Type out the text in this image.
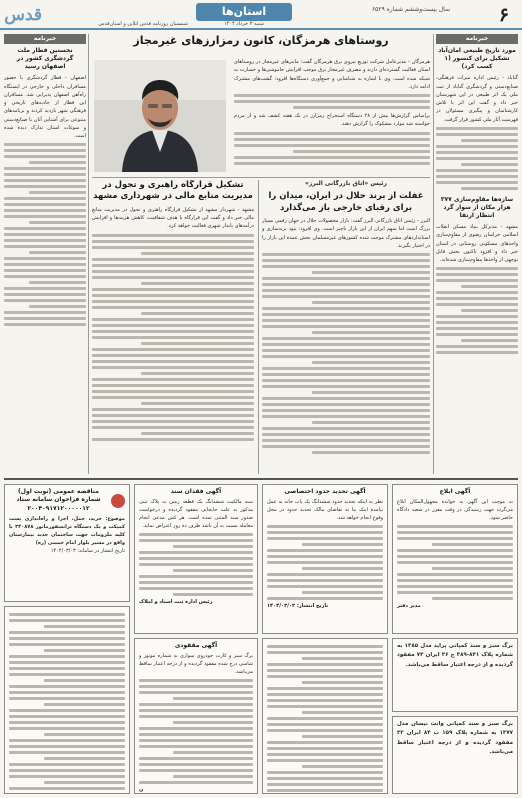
قدس	شمسیان روزنامه قدس آنلاین و آستان‌قدس
استان‌ها
شنبه ۳ خرداد ۱۴۰۴
سال بیست‌وششم شماره ۶۵۲۹	۶
خبرنامه
مورد تاریخ طبیعی امان‌آباد تشکیل برای کنسور (۱ کسب کرد)
گناباد - رئیس اداره میراث فرهنگی، صنایع‌دستی و گردشگری گناباد از ثبت ملی یک اثر طبیعی در این شهرستان خبر داد و گفت این اثر با تلاش کارشناسان و پیگیری مسئولان در فهرست آثار ملی کشور قرار گرفت.
سازه‌ها مقاوم‌سازی ۳۷۷ هزار مکان از سوار گرد انتظار ارتقا
مشهد - مدیرکل بنیاد مسکن انقلاب اسلامی خراسان رضوی از مقاوم‌سازی واحدهای مسکونی روستایی در استان خبر داد و افزود تاکنون بخش قابل توجهی از واحدها مقاوم‌سازی شده‌اند.
خبرنامه
نخستین قطار ملت گردشگری کشور در اصفهان رسید
اصفهان - قطار گردشگری با حضور مسافران داخلی و خارجی در ایستگاه راه‌آهن اصفهان پذیرایی شد. مسافران این قطار از جاذبه‌های تاریخی و فرهنگی شهر بازدید کردند و برنامه‌های متنوعی برای آشنایی آنان با صنایع‌دستی و سوغات استان تدارک دیده شده است.
روستاهای هرمزگان، کانون رمزارزهای غیرمجاز
هرمزگان - مدیرعامل شرکت توزیع نیروی برق هرمزگان گفت: ماینرهای غیرمجاز در روستاهای استان فعالیت گسترده‌ای دارند و مصرف غیرمجاز برق موجب افزایش خاموشی‌ها و خسارت به شبکه شده است. وی با اشاره به شناسایی و جمع‌آوری دستگاه‌ها افزود: گشت‌های مشترک ادامه دارد.
براساس گزارش‌ها بیش از ۲۸ دستگاه استخراج رمزارز در یک هفته کشف شد و از مردم خواسته شد موارد مشکوک را گزارش دهند.
رئیس «اتاق بازرگانی البرز»
غفلت از برند حلال در ایران، میدان را برای رقبای خارجی باز می‌گذارد
البرز - رئیس اتاق بازرگانی البرز گفت: بازار محصولات حلال در جهان رقمی بسیار بزرگ است اما سهم ایران از این بازار ناچیز است. وی افزود: نبود برندسازی و استانداردهای مشترک موجب شده کشورهای غیرمسلمان بخش عمده این بازار را در اختیار بگیرند.
تشکیل قرارگاه راهبری و تحول در مدیریت منابع مالی در شهرداری مشهد
مشهد - شهردار مشهد از تشکیل قرارگاه راهبری و تحول در مدیریت منابع مالی خبر داد و گفت این قرارگاه با هدف شفافیت، کاهش هزینه‌ها و افزایش درآمدهای پایدار شهری فعالیت خواهد کرد.
مناقصه عمومی (نوبت اول) شماره فراخوان سامانه ستاد ۲۰۰۴۰۹۱۷۱۲۰۰۰۰۰۱۲
موضوع: خرید، حمل، اجرا و راه‌اندازی پست کمپکت و یک دستگاه ترانسفورماتور ۳۴۰۸۷۸ با کلیه ملزومات جهت ساختمان جدید بیمارستان واقع در مسیر بلوار امام خمینی (ره)
تاریخ انتشار در سامانه: ۱۴۰۴/۰۳/۰۳
آگهی فقدان سند
سند مالکیت ششدانگ یک قطعه زمین به پلاک ثبتی مذکور به علت جابجایی مفقود گردیده و درخواست صدور سند المثنی شده است. هر کس مدعی انجام معامله نسبت به آن باشد ظرف ده روز اعتراض نماید.
رئیس اداره ثبت اسناد و املاک
آگهی تحدید حدود اختصاصی
نظر به اینکه تحدید حدود ششدانگ یک باب خانه به عمل نیامده اینک بنا به تقاضای مالک تحدید حدود در محل وقوع انجام خواهد شد.
تاریخ انتشار: ۱۴۰۴/۰۳/۰۳
آگهی ابلاغ
به موجب این آگهی به خوانده مجهول‌المکان ابلاغ می‌گردد جهت رسیدگی در وقت مقرر در شعبه دادگاه حاضر شود.
مدیر دفتر
آگهی مفقودی
برگ سبز و کارت خودروی سواری به شماره موتور و شاسی درج شده مفقود گردیده و از درجه اعتبار ساقط می‌باشد.
ن
برگ سبز و سند کمپانی پراید مدل ۱۳۸۵ به شماره پلاک ۸۴۱-۳۸۹ ج ۳۶ ایران ۷۴ مفقود گردیده و از درجه اعتبار ساقط می‌باشد.
برگ سبز و سند کمپانی وانت نیسان مدل ۱۳۷۷ به شماره پلاک ۱۵۹ ب ۸۴ ایران ۳۲ مفقود گردیده و از درجه اعتبار ساقط می‌باشد.
